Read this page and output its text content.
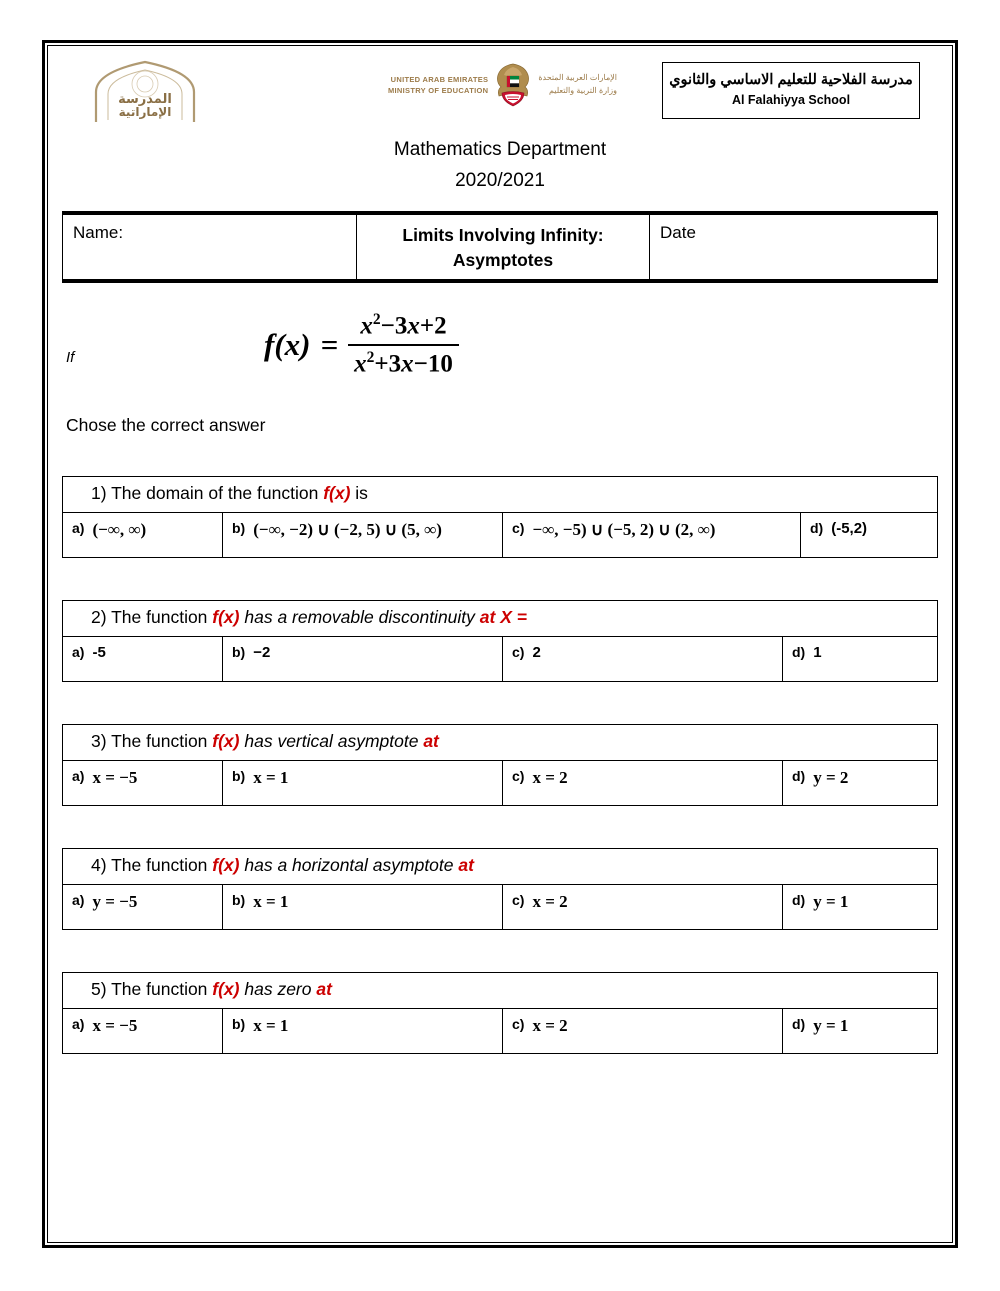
المدرسة
الإماراتية
UNITED ARAB EMIRATES
MINISTRY OF EDUCATION
الإمارات العربية المتحدة
وزارة التربية والتعليم
مدرسة الفلاحية للتعليم الاساسي والثانوي
Al Falahiyya School
Mathematics Department
2020/2021
Name:	Limits Involving Infinity:
Asymptotes
Date
If	$f(x) = \frac{x^2-3x+2}{x^2+3x-10}$
Chose the correct answer
1) The domain of the function f(x) is
a) (−∞, ∞)	b) (−∞, −2) ∪ (−2, 5) ∪ (5, ∞)	c) −∞, −5) ∪ (−5, 2) ∪ (2, ∞)	d) (-5,2)
2) The function f(x) has a removable discontinuity at X =
a) -5	b) −2	c) 2	d) 1
3) The function f(x) has vertical asymptote at
a) x = −5	b) x = 1	c) x = 2	d) y = 2
4) The function f(x) has a horizontal asymptote at
a) y = −5	b) x = 1	c) x = 2	d) y = 1
5) The function f(x) has zero at
a) x = −5	b) x = 1	c) x = 2	d) y = 1
